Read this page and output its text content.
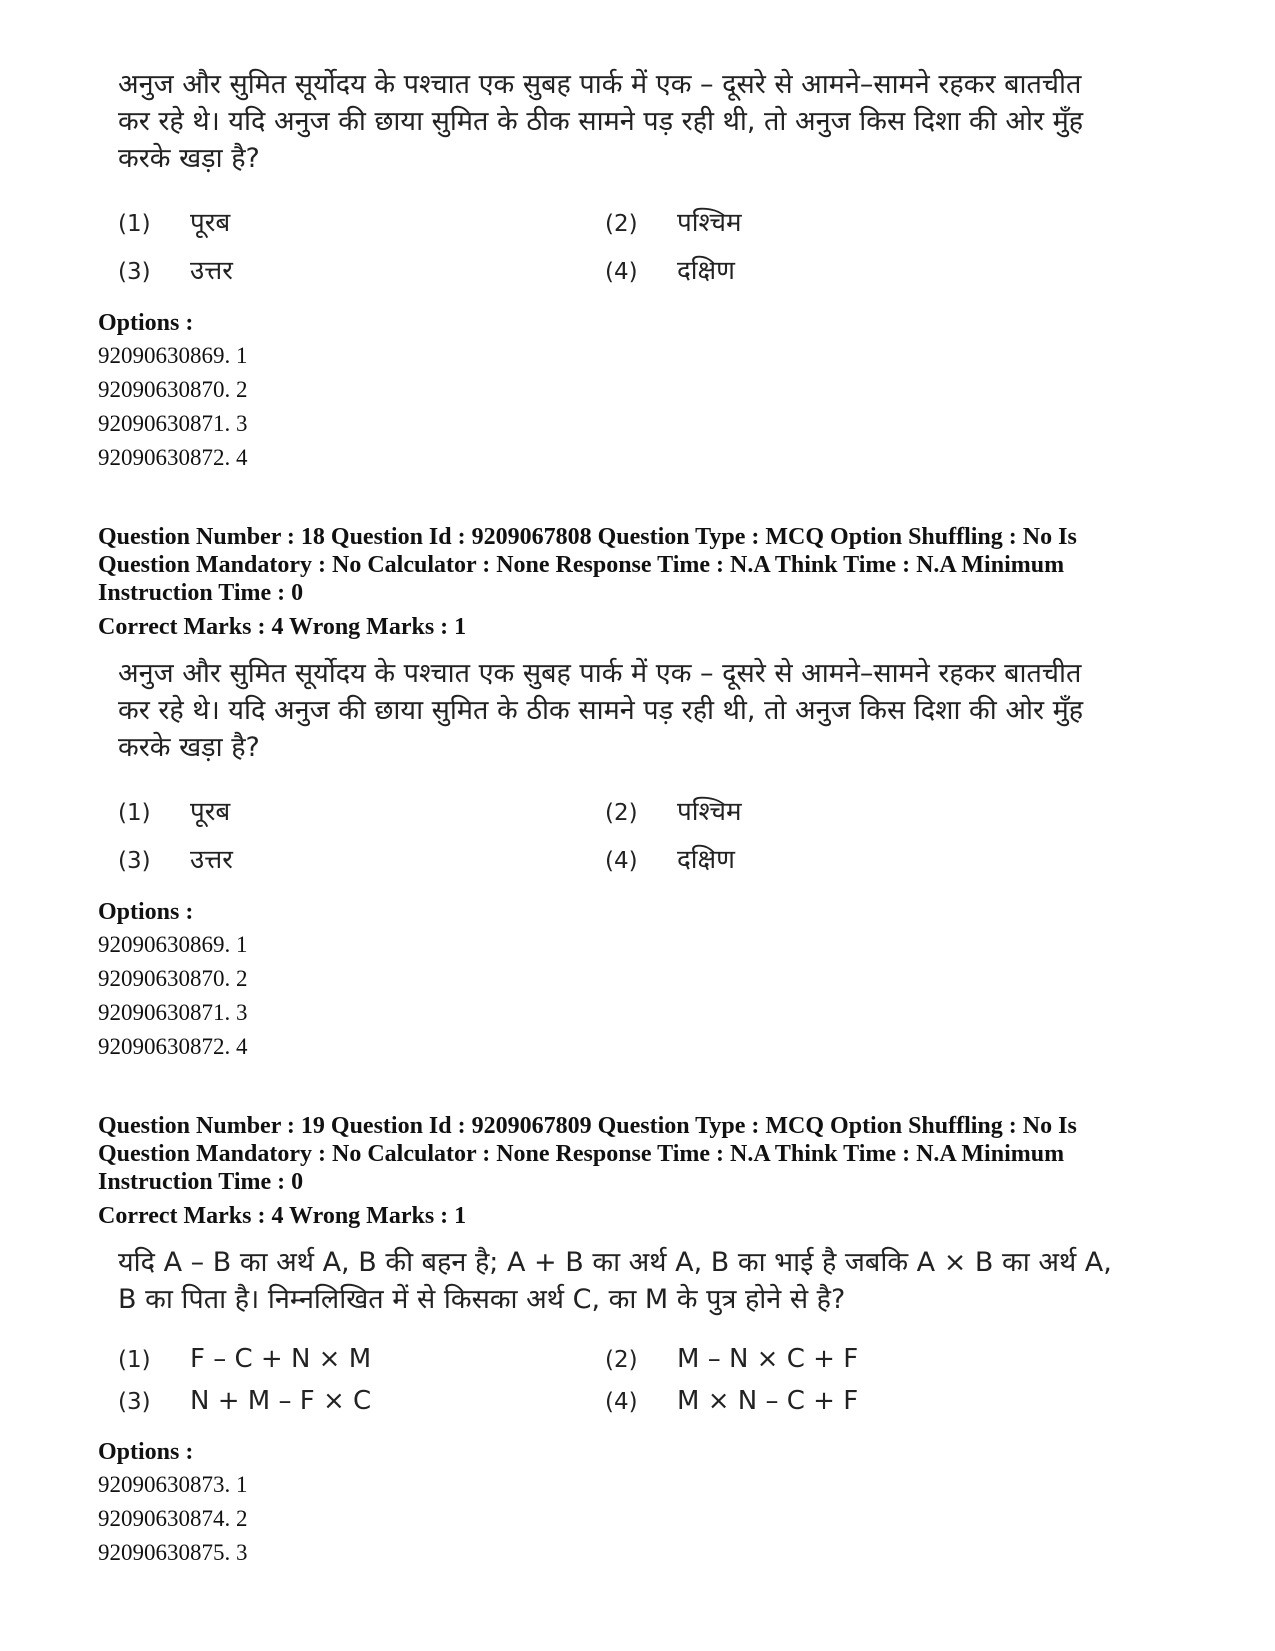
अनुज और सुमित सूर्योदय के पश्चात एक सुबह पार्क में एक – दूसरे से आमने–सामने रहकर बातचीत कर रहे थे। यदि अनुज की छाया सुमित के ठीक सामने पड़ रही थी, तो अनुज किस दिशा की ओर मुँह करके खड़ा है?
(1)	पूरब	(2)	पश्चिम
(3)	उत्तर	(4)	दक्षिण
Options :
92090630869. 1
92090630870. 2
92090630871. 3
92090630872. 4
Question Number : 18 Question Id : 9209067808 Question Type : MCQ Option Shuffling : No Is Question Mandatory : No Calculator : None Response Time : N.A Think Time : N.A Minimum Instruction Time : 0
Correct Marks : 4 Wrong Marks : 1
अनुज और सुमित सूर्योदय के पश्चात एक सुबह पार्क में एक – दूसरे से आमने–सामने रहकर बातचीत कर रहे थे। यदि अनुज की छाया सुमित के ठीक सामने पड़ रही थी, तो अनुज किस दिशा की ओर मुँह करके खड़ा है?
(1)	पूरब	(2)	पश्चिम
(3)	उत्तर	(4)	दक्षिण
Options :
92090630869. 1
92090630870. 2
92090630871. 3
92090630872. 4
Question Number : 19 Question Id : 9209067809 Question Type : MCQ Option Shuffling : No Is Question Mandatory : No Calculator : None Response Time : N.A Think Time : N.A Minimum Instruction Time : 0
Correct Marks : 4 Wrong Marks : 1
यदि A – B का अर्थ A, B की बहन है; A + B का अर्थ A, B का भाई है जबकि A × B का अर्थ A, B का पिता है। निम्नलिखित में से किसका अर्थ C, का M के पुत्र होने से है?
(1)	F – C + N × M	(2)	M – N × C + F
(3)	N + M – F × C	(4)	M × N – C + F
Options :
92090630873. 1
92090630874. 2
92090630875. 3
